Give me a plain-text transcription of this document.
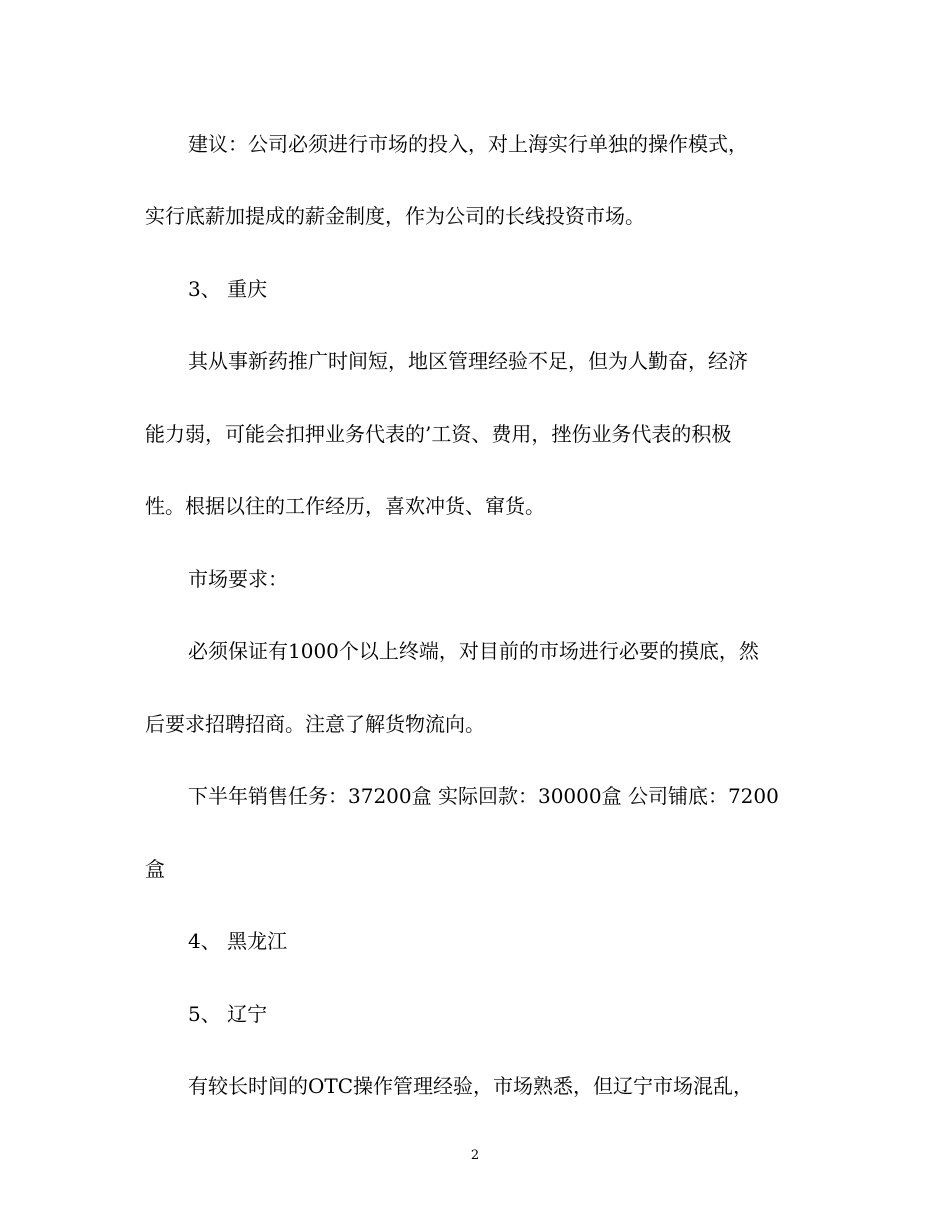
建议：公司必须进行市场的投入，对上海实行单独的操作模式，
实行底薪加提成的薪金制度，作为公司的长线投资市场。
3、 重庆
其从事新药推广时间短，地区管理经验不足，但为人勤奋，经济
能力弱，可能会扣押业务代表的’工资、费用，挫伤业务代表的积极
性。根据以往的工作经历，喜欢冲货、窜货。
市场要求：
必须保证有1000个以上终端，对目前的市场进行必要的摸底，然
后要求招聘招商。注意了解货物流向。
下半年销售任务：37200盒 实际回款：30000盒 公司铺底：7200
盒
4、 黑龙江
5、 辽宁
有较长时间的OTC操作管理经验，市场熟悉，但辽宁市场混乱，
2
